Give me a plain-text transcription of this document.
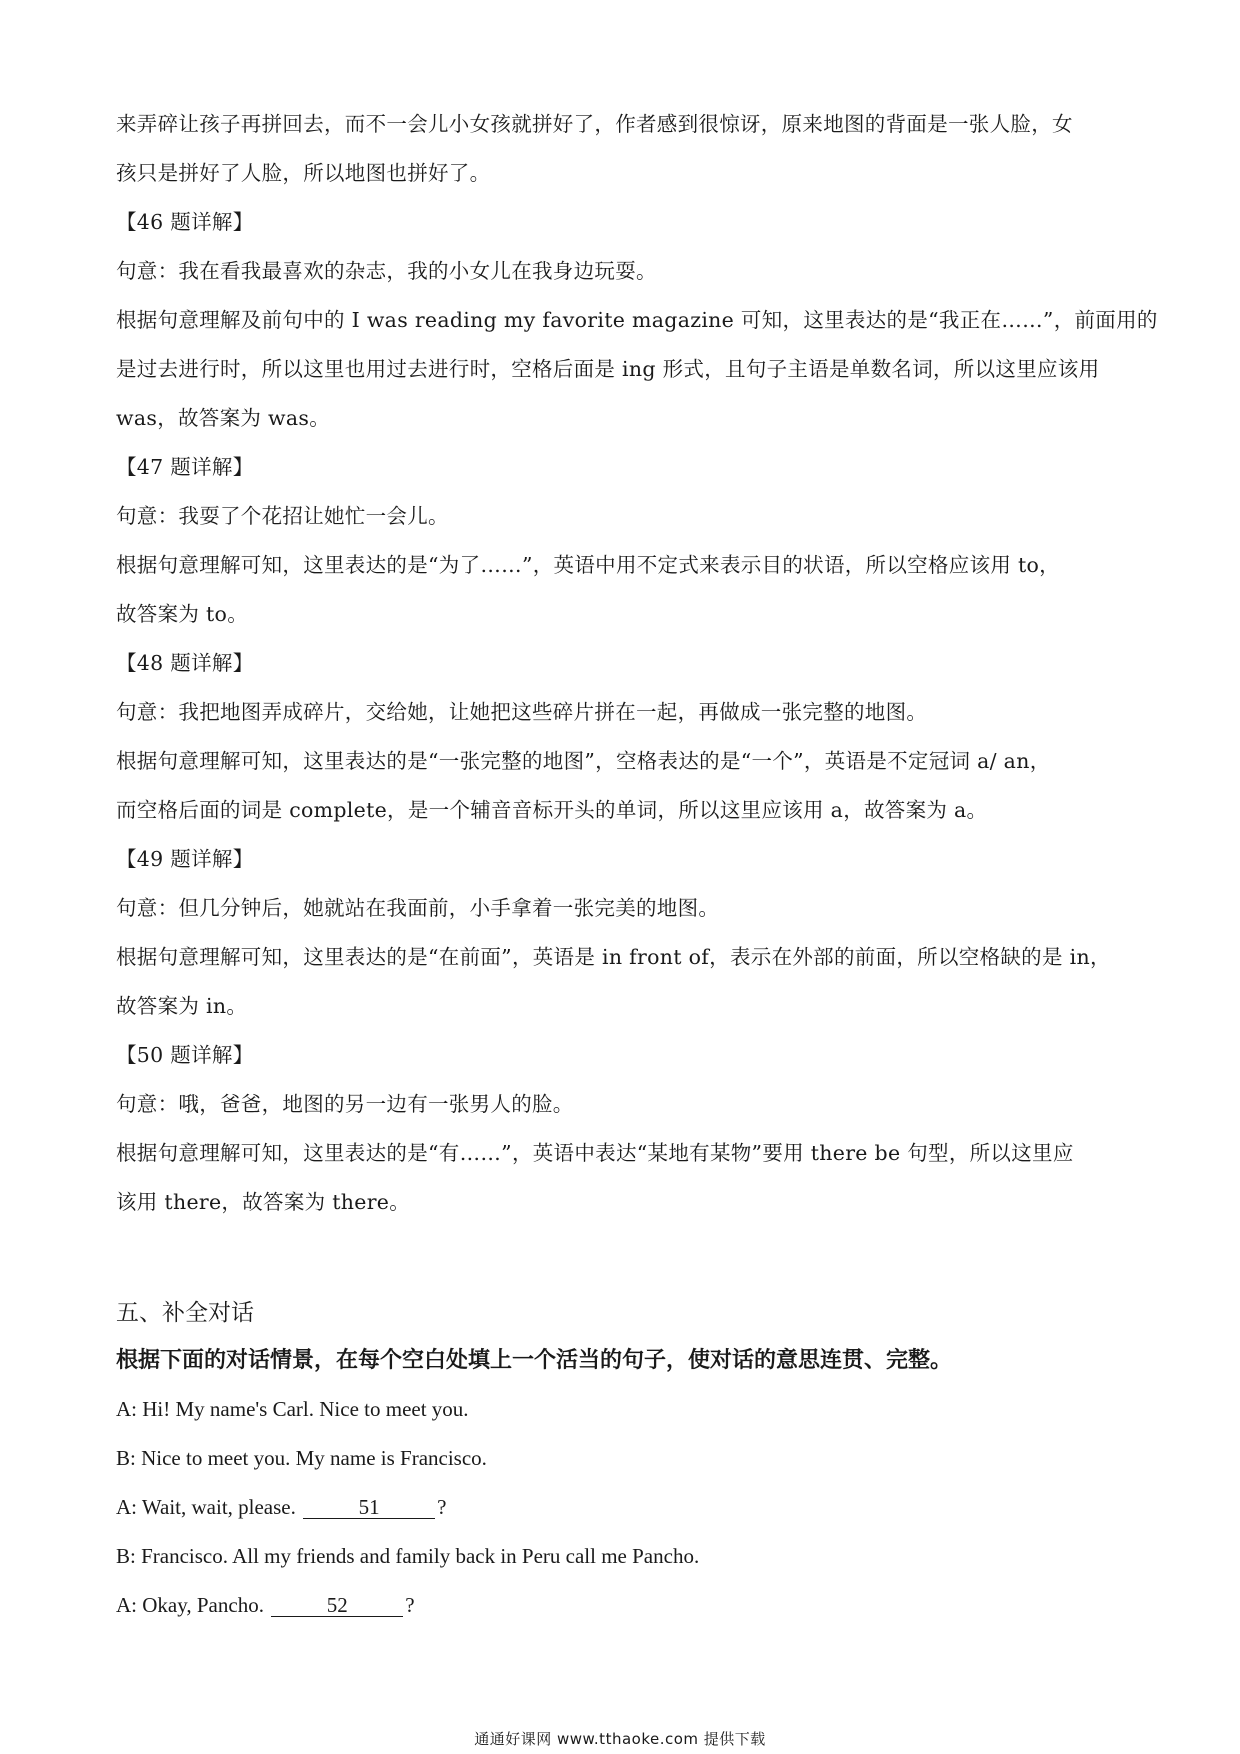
来弄碎让孩子再拼回去，而不一会儿小女孩就拼好了，作者感到很惊讶，原来地图的背面是一张人脸，女
孩只是拼好了人脸，所以地图也拼好了。
【46 题详解】
句意：我在看我最喜欢的杂志，我的小女儿在我身边玩耍。
根据句意理解及前句中的 I was reading my favorite magazine 可知，这里表达的是“我正在……”，前面用的
是过去进行时，所以这里也用过去进行时，空格后面是 ing 形式，且句子主语是单数名词，所以这里应该用
was，故答案为 was。
【47 题详解】
句意：我耍了个花招让她忙一会儿。
根据句意理解可知，这里表达的是“为了……”，英语中用不定式来表示目的状语，所以空格应该用 to，
故答案为 to。
【48 题详解】
句意：我把地图弄成碎片，交给她，让她把这些碎片拼在一起，再做成一张完整的地图。
根据句意理解可知，这里表达的是“一张完整的地图”，空格表达的是“一个”，英语是不定冠词 a/ an，
而空格后面的词是 complete，是一个辅音音标开头的单词，所以这里应该用 a，故答案为 a。
【49 题详解】
句意：但几分钟后，她就站在我面前，小手拿着一张完美的地图。
根据句意理解可知，这里表达的是“在前面”，英语是 in front of，表示在外部的前面，所以空格缺的是 in，
故答案为 in。
【50 题详解】
句意：哦，爸爸，地图的另一边有一张男人的脸。
根据句意理解可知，这里表达的是“有……”，英语中表达“某地有某物”要用 there be 句型，所以这里应
该用 there，故答案为 there。
五、补全对话
根据下面的对话情景，在每个空白处填上一个活当的句子，使对话的意思连贯、完整。
A: Hi! My name's Carl. Nice to meet you.
B: Nice to meet you. My name is Francisco.
A: Wait, wait, please.	51	?
B: Francisco. All my friends and family back in Peru call me Pancho.
A: Okay, Pancho.	52	?
通通好课网 www.tthaoke.com 提供下载
